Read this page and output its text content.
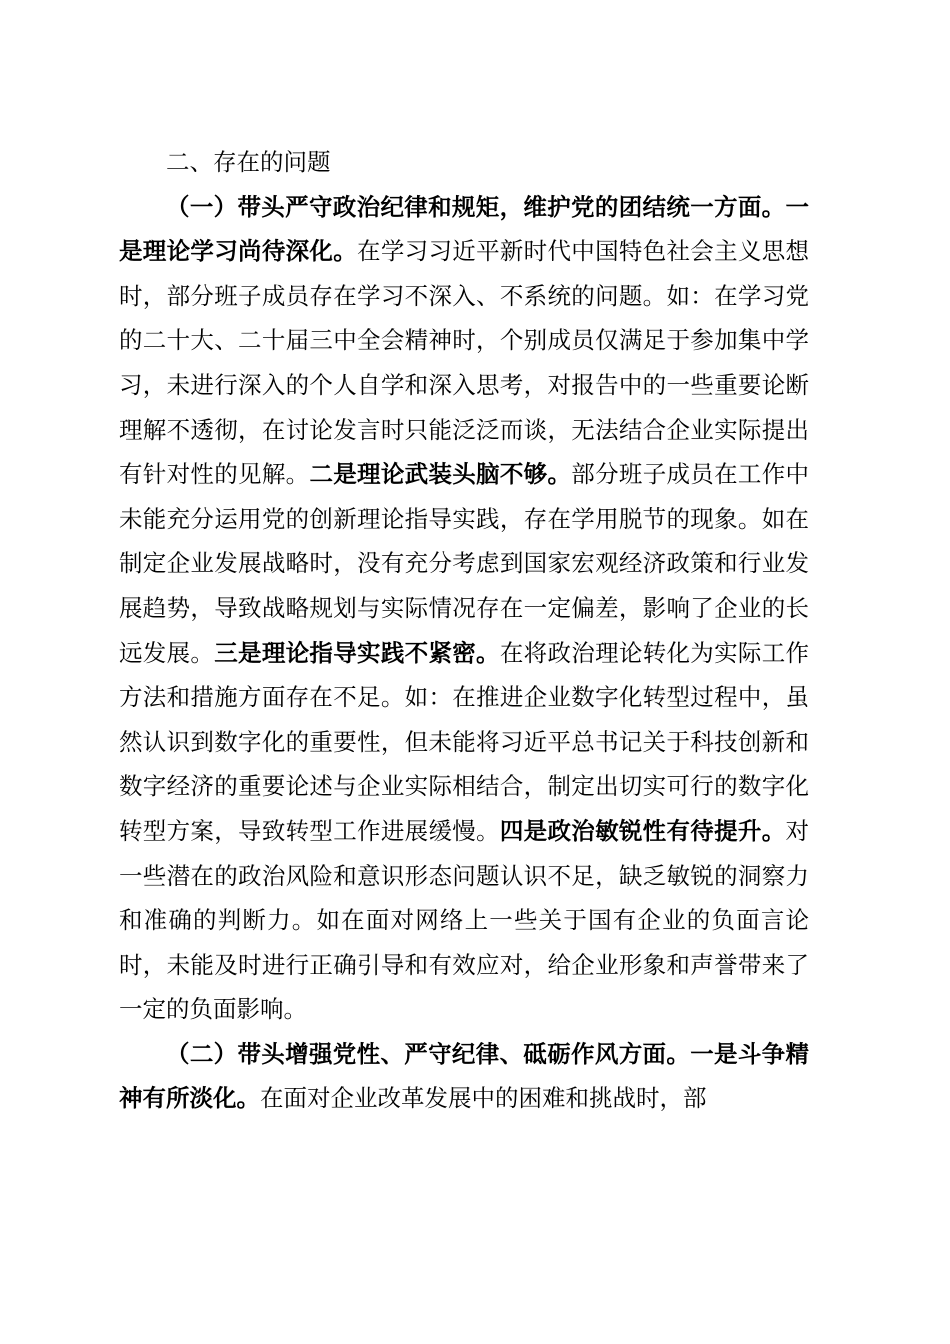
二、存在的问题

（一）带头严守政治纪律和规矩，维护党的团结统一方面。一是理论学习尚待深化。在学习习近平新时代中国特色社会主义思想时，部分班子成员存在学习不深入、不系统的问题。如：在学习党的二十大、二十届三中全会精神时，个别成员仅满足于参加集中学习，未进行深入的个人自学和深入思考，对报告中的一些重要论断理解不透彻，在讨论发言时只能泛泛而谈，无法结合企业实际提出有针对性的见解。二是理论武装头脑不够。部分班子成员在工作中未能充分运用党的创新理论指导实践，存在学用脱节的现象。如在制定企业发展战略时，没有充分考虑到国家宏观经济政策和行业发展趋势，导致战略规划与实际情况存在一定偏差，影响了企业的长远发展。三是理论指导实践不紧密。在将政治理论转化为实际工作方法和措施方面存在不足。如：在推进企业数字化转型过程中，虽然认识到数字化的重要性，但未能将习近平总书记关于科技创新和数字经济的重要论述与企业实际相结合，制定出切实可行的数字化转型方案，导致转型工作进展缓慢。四是政治敏锐性有待提升。对一些潜在的政治风险和意识形态问题认识不足，缺乏敏锐的洞察力和准确的判断力。如在面对网络上一些关于国有企业的负面言论时，未能及时进行正确引导和有效应对，给企业形象和声誉带来了一定的负面影响。

（二）带头增强党性、严守纪律、砥砺作风方面。一是斗争精神有所淡化。在面对企业改革发展中的困难和挑战时，部
